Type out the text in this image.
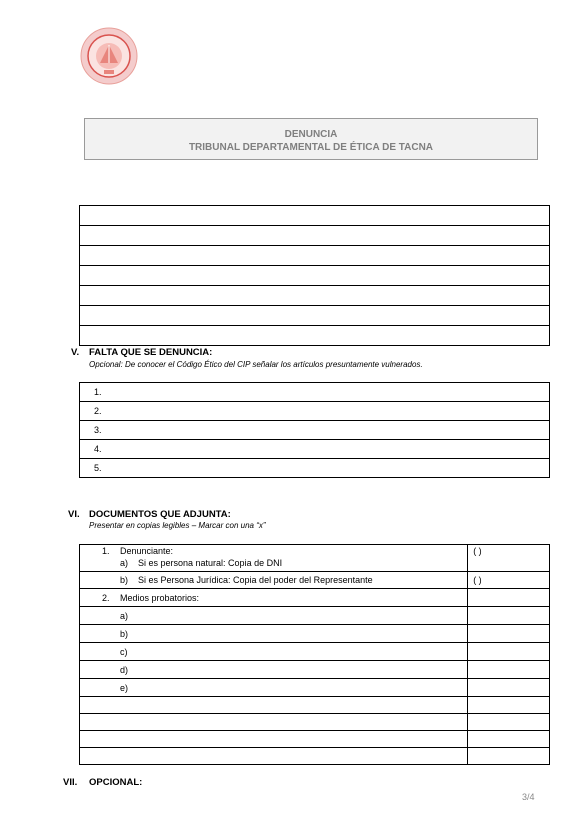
DENUNCIA
TRIBUNAL DEPARTAMENTAL DE ÉTICA DE TACNA

V. FALTA QUE SE DENUNCIA:
Opcional: De conocer el Código Ético del CIP señalar los artículos presuntamente vulnerados.
1.
2.
3.
4.
5.
VI. DOCUMENTOS QUE ADJUNTA:
Presentar en copias legibles – Marcar con una “x”
1. Denunciante:
a) Si es persona natural: Copia de DNI	( )

b) Si es Persona Jurídica: Copia del poder del Representante	( )

2. Medios probatorios:	

a)	
b)	
c)	
d)	
e)	

VII. OPCIONAL:
3/4
